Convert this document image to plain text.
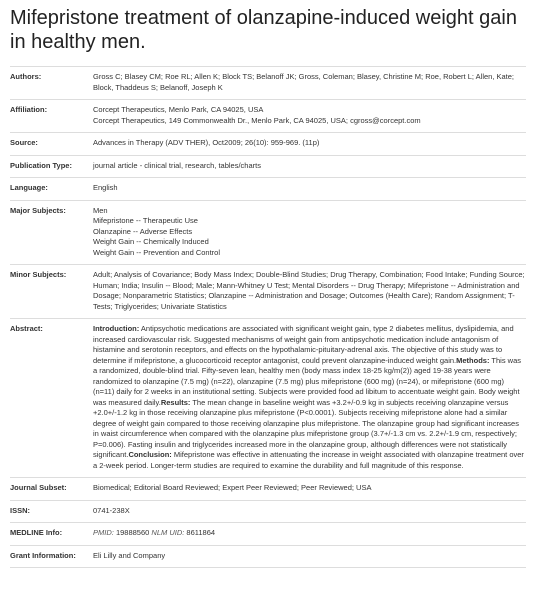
Mifepristone treatment of olanzapine-induced weight gain in healthy men.
Authors:	Gross C; Blasey CM; Roe RL; Allen K; Block TS; Belanoff JK; Gross, Coleman; Blasey, Christine M; Roe, Robert L; Allen, Kate; Block, Thaddeus S; Belanoff, Joseph K
Affiliation:	Corcept Therapeutics, Menlo Park, CA 94025, USA
Corcept Therapeutics, 149 Commonwealth Dr., Menlo Park, CA 94025, USA; cgross@corcept.com
Source:	Advances in Therapy (ADV THER), Oct2009; 26(10): 959-969. (11p)
Publication Type:	journal article - clinical trial, research, tables/charts
Language:	English
Major Subjects:	Men
Mifepristone -- Therapeutic Use
Olanzapine -- Adverse Effects
Weight Gain -- Chemically Induced
Weight Gain -- Prevention and Control
Minor Subjects:	Adult; Analysis of Covariance; Body Mass Index; Double-Blind Studies; Drug Therapy, Combination; Food Intake; Funding Source; Human; India; Insulin -- Blood; Male; Mann-Whitney U Test; Mental Disorders -- Drug Therapy; Mifepristone -- Administration and Dosage; Nonparametric Statistics; Olanzapine -- Administration and Dosage; Outcomes (Health Care); Random Assignment; T-Tests; Triglycerides; Univariate Statistics
Abstract:	Introduction: Antipsychotic medications are associated with significant weight gain, type 2 diabetes mellitus, dyslipidemia, and increased cardiovascular risk. Suggested mechanisms of weight gain from antipsychotic medication include antagonism of histamine and serotonin receptors, and effects on the hypothalamic-pituitary-adrenal axis. The objective of this study was to determine if mifepristone, a glucocorticoid receptor antagonist, could prevent olanzapine-induced weight gain.Methods: This was a randomized, double-blind trial. Fifty-seven lean, healthy men (body mass index 18-25 kg/m(2)) aged 19-38 years were randomized to olanzapine (7.5 mg) (n=22), olanzapine (7.5 mg) plus mifepristone (600 mg) (n=24), or mifepristone (600 mg) (n=11) daily for 2 weeks in an institutional setting. Subjects were provided food ad libitum to accentuate weight gain. Body weight was measured daily.Results: The mean change in baseline weight was +3.2+/-0.9 kg in subjects receiving olanzapine versus +2.0+/-1.2 kg in those receiving olanzapine plus mifepristone (P<0.0001). Subjects receiving mifepristone alone had a similar degree of weight gain compared to those receiving olanzapine plus mifepristone. The olanzapine group had significant increases in waist circumference when compared with the olanzapine plus mifepristone group (3.7+/-1.3 cm vs. 2.2+/-1.9 cm, respectively; P=0.006). Fasting insulin and triglycerides increased more in the olanzapine group, although differences were not statistically significant.Conclusion: Mifepristone was effective in attenuating the increase in weight associated with olanzapine treatment over a 2-week period. Longer-term studies are required to examine the durability and full magnitude of this response.
Journal Subset:	Biomedical; Editorial Board Reviewed; Expert Peer Reviewed; Peer Reviewed; USA
ISSN:	0741-238X
MEDLINE Info:	PMID: 19888560 NLM UID: 8611864
Grant Information:	Eli Lilly and Company
